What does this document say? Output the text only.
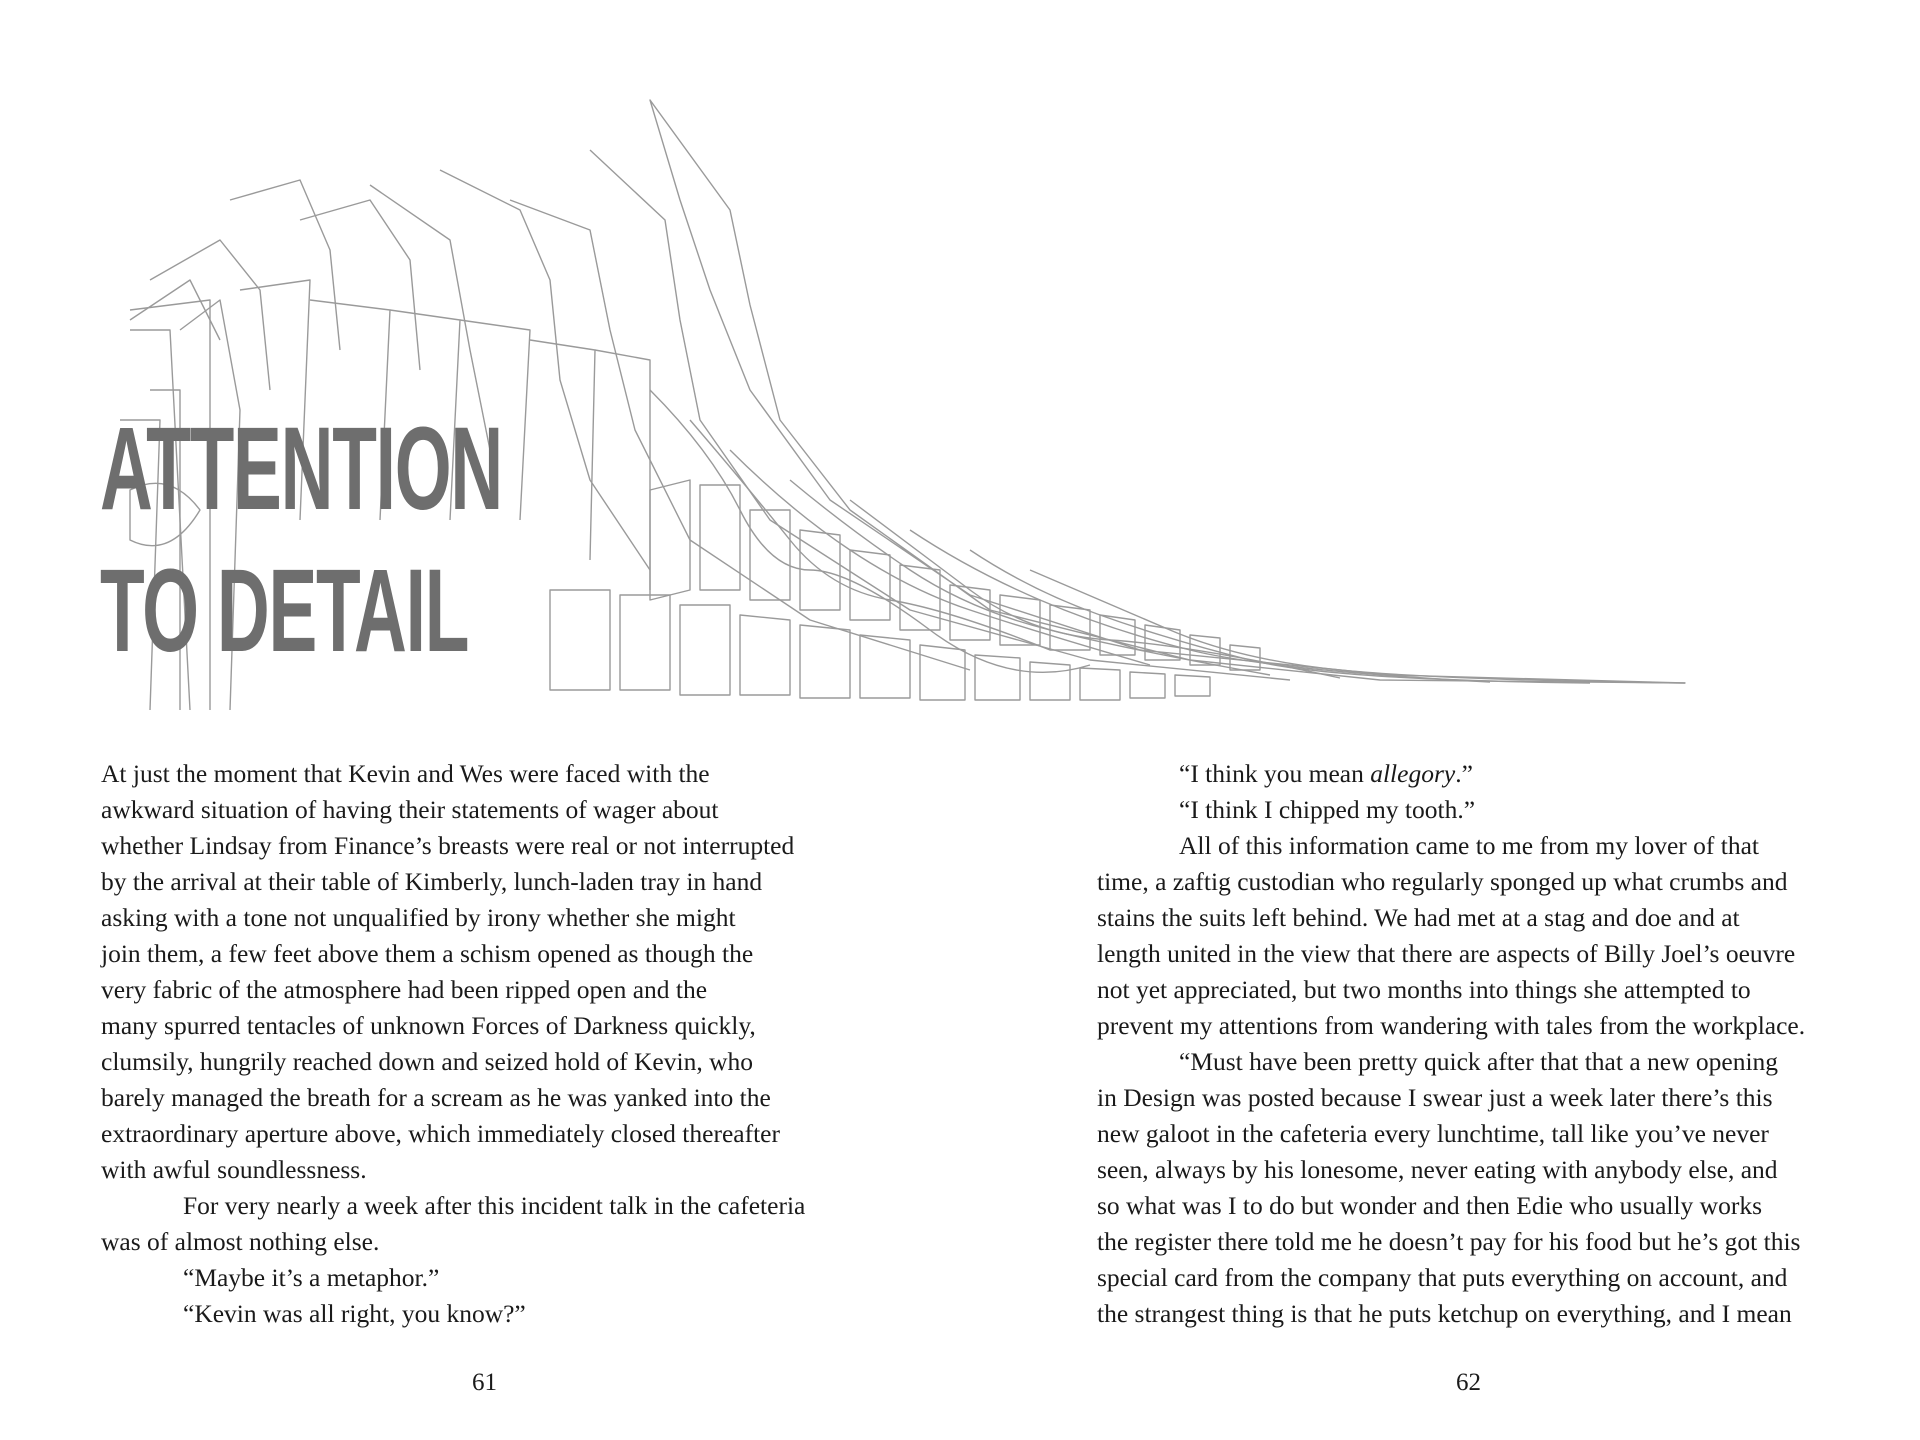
ATTENTION
TO DETAIL

At just the moment that Kevin and Wes were faced with the
awkward situation of having their statements of wager about
whether Lindsay from Finance’s breasts were real or not interrupted
by the arrival at their table of Kimberly, lunch-laden tray in hand
asking with a tone not unqualified by irony whether she might
join them, a few feet above them a schism opened as though the
very fabric of the atmosphere had been ripped open and the
many spurred tentacles of unknown Forces of Darkness quickly,
clumsily, hungrily reached down and seized hold of Kevin, who
barely managed the breath for a scream as he was yanked into the
extraordinary aperture above, which immediately closed thereafter
with awful soundlessness.

For very nearly a week after this incident talk in the cafeteria
was of almost nothing else.

“Maybe it’s a metaphor.”

“Kevin was all right, you know?”

“I think you mean allegory.”

“I think I chipped my tooth.”

All of this information came to me from my lover of that
time, a zaftig custodian who regularly sponged up what crumbs and
stains the suits left behind. We had met at a stag and doe and at
length united in the view that there are aspects of Billy Joel’s oeuvre
not yet appreciated, but two months into things she attempted to
prevent my attentions from wandering with tales from the workplace.

“Must have been pretty quick after that that a new opening
in Design was posted because I swear just a week later there’s this
new galoot in the cafeteria every lunchtime, tall like you’ve never
seen, always by his lonesome, never eating with anybody else, and
so what was I to do but wonder and then Edie who usually works
the register there told me he doesn’t pay for his food but he’s got this
special card from the company that puts everything on account, and
the strangest thing is that he puts ketchup on everything, and I mean

61	62
